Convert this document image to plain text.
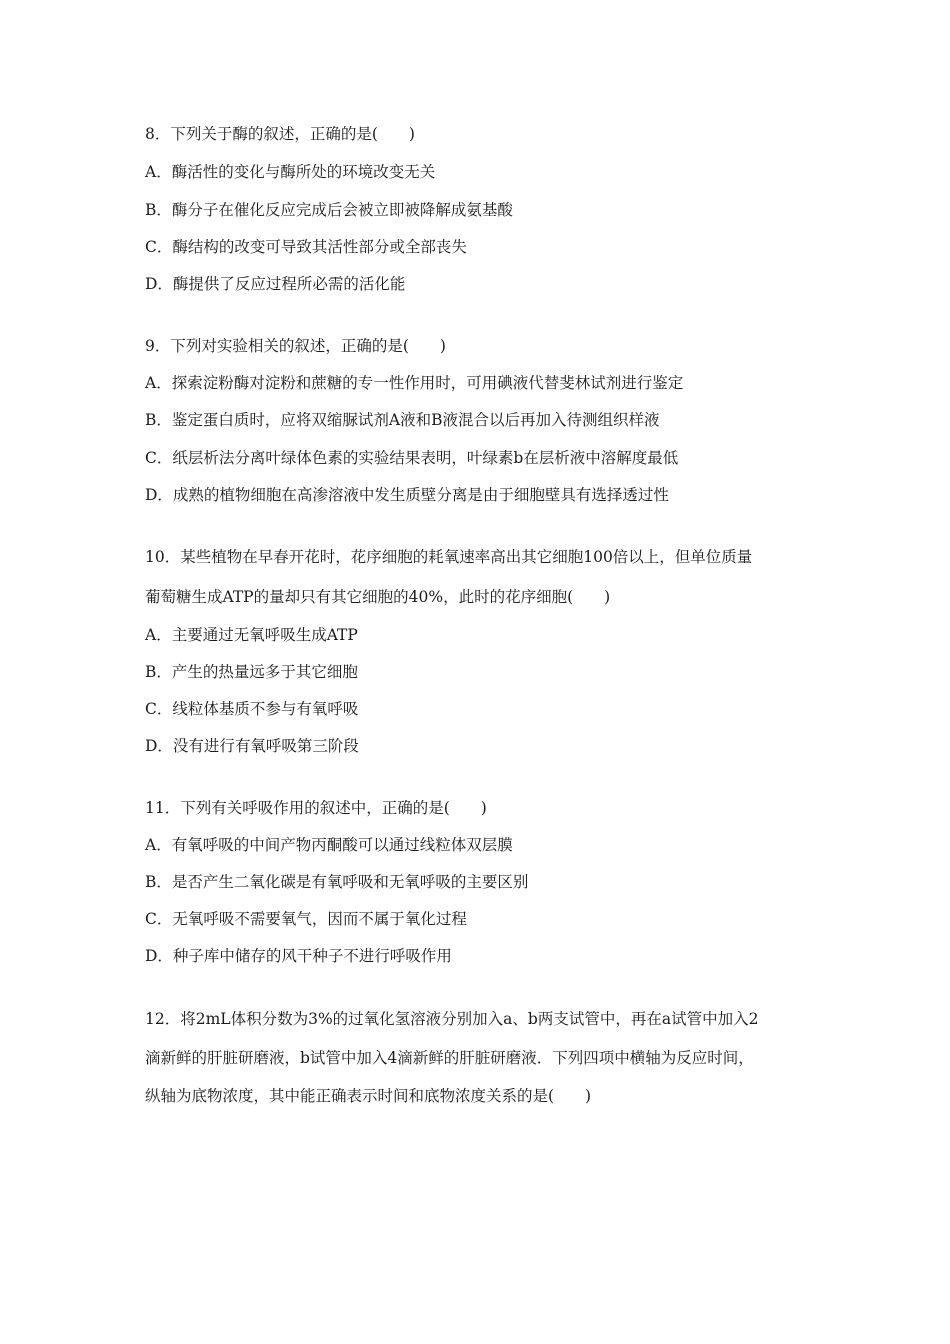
8．下列关于酶的叙述，正确的是(　　)
A．酶活性的变化与酶所处的环境改变无关
B．酶分子在催化反应完成后会被立即被降解成氨基酸
C．酶结构的改变可导致其活性部分或全部丧失
D．酶提供了反应过程所必需的活化能
9．下列对实验相关的叙述，正确的是(　　)
A．探索淀粉酶对淀粉和蔗糖的专一性作用时，可用碘液代替斐林试剂进行鉴定
B．鉴定蛋白质时，应将双缩脲试剂A液和B液混合以后再加入待测组织样液
C．纸层析法分离叶绿体色素的实验结果表明，叶绿素b在层析液中溶解度最低
D．成熟的植物细胞在高渗溶液中发生质壁分离是由于细胞壁具有选择透过性
10．某些植物在早春开花时，花序细胞的耗氧速率高出其它细胞100倍以上，但单位质量
葡萄糖生成ATP的量却只有其它细胞的40%，此时的花序细胞(　　)
A．主要通过无氧呼吸生成ATP
B．产生的热量远多于其它细胞
C．线粒体基质不参与有氧呼吸
D．没有进行有氧呼吸第三阶段
11．下列有关呼吸作用的叙述中，正确的是(　　)
A．有氧呼吸的中间产物丙酮酸可以通过线粒体双层膜
B．是否产生二氧化碳是有氧呼吸和无氧呼吸的主要区别
C．无氧呼吸不需要氧气，因而不属于氧化过程
D．种子库中储存的风干种子不进行呼吸作用
12．将2mL体积分数为3%的过氧化氢溶液分别加入a、b两支试管中，再在a试管中加入2
滴新鲜的肝脏研磨液，b试管中加入4滴新鲜的肝脏研磨液．下列四项中横轴为反应时间，
纵轴为底物浓度，其中能正确表示时间和底物浓度关系的是(　　)
